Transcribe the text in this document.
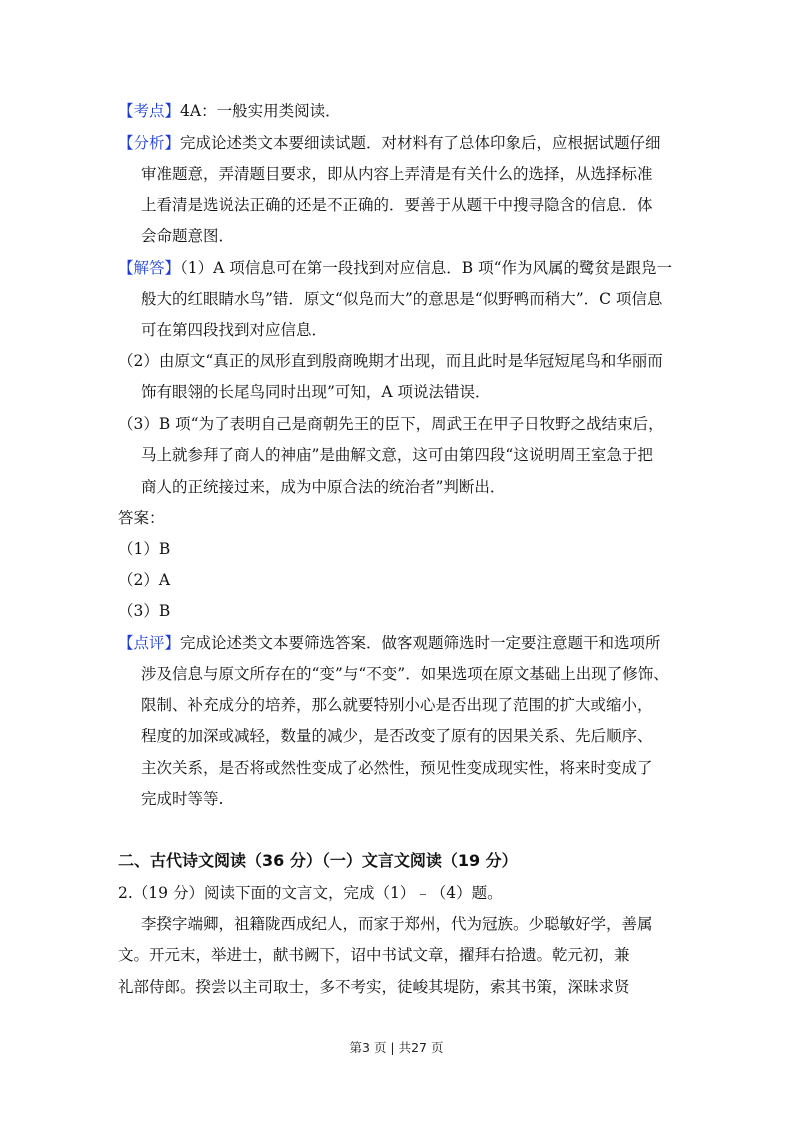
【考点】4A：一般实用类阅读．
【分析】完成论述类文本要细读试题．对材料有了总体印象后，应根据试题仔细
审准题意，弄清题目要求，即从内容上弄清是有关什么的选择，从选择标准
上看清是选说法正确的还是不正确的．要善于从题干中搜寻隐含的信息．体
会命题意图．
【解答】（1）A 项信息可在第一段找到对应信息．B 项“作为风属的鹭贫是跟凫一
般大的红眼睛水鸟”错．原文“似凫而大”的意思是“似野鸭而稍大”．C 项信息
可在第四段找到对应信息．
（2）由原文“真正的凤形直到殷商晚期才出现，而且此时是华冠短尾鸟和华丽而
饰有眼翎的长尾鸟同时出现”可知，A 项说法错误．
（3）B 项“为了表明自己是商朝先王的臣下，周武王在甲子日牧野之战结束后，
马上就参拜了商人的神庙”是曲解文意，这可由第四段“这说明周王室急于把
商人的正统接过来，成为中原合法的统治者”判断出．
答案：
（1）B
（2）A
（3）B
【点评】完成论述类文本要筛选答案．做客观题筛选时一定要注意题干和选项所
涉及信息与原文所存在的“变”与“不变”．如果选项在原文基础上出现了修饰、
限制、补充成分的培养，那么就要特别小心是否出现了范围的扩大或缩小，
程度的加深或减轻，数量的减少，是否改变了原有的因果关系、先后顺序、
主次关系，是否将或然性变成了必然性，预见性变成现实性，将来时变成了
完成时等等.
二、古代诗文阅读（36 分）（一）文言文阅读（19 分）
2.（19 分）阅读下面的文言文，完成（1）﹣（4）题。
李揆字端卿，祖籍陇西成纪人，而家于郑州，代为冠族。少聪敏好学，善属
文。开元末，举进士，献书阙下，诏中书试文章，擢拜右拾遗。乾元初，兼
礼部侍郎。揆尝以主司取士，多不考实，徒峻其堤防，索其书策，深昧求贤
第3 页 | 共27 页
